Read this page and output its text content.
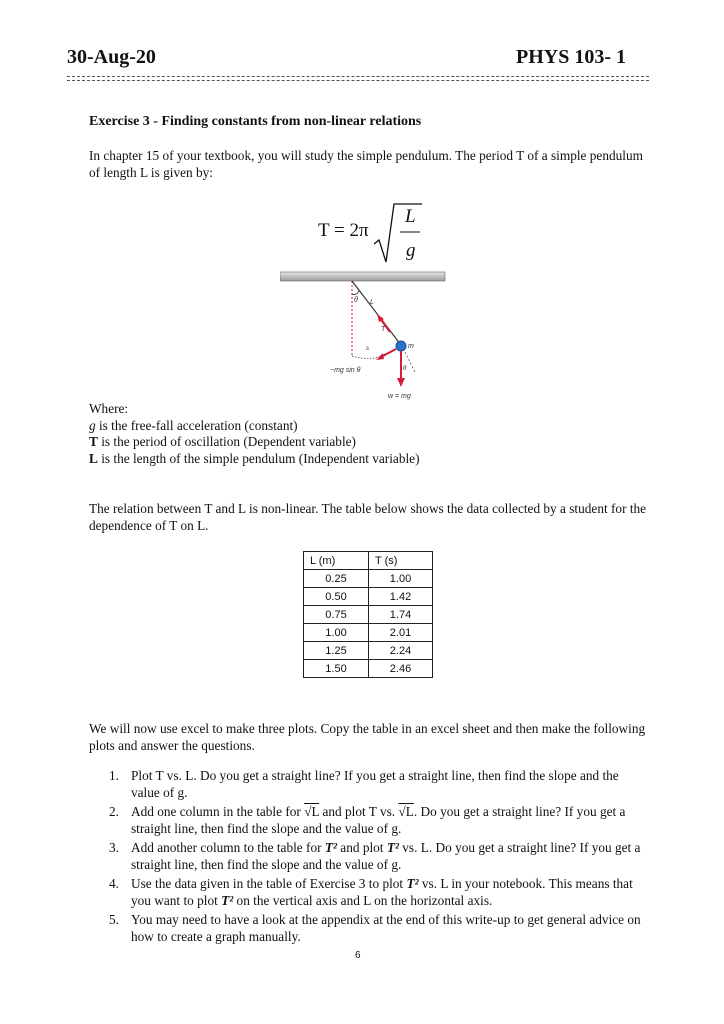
30-Aug-20	PHYS 103- 1
Exercise 3 - Finding constants from non-linear relations
In chapter 15 of your textbook, you will study the simple pendulum. The period T of a simple pendulum of length L is given by:
T = 2π
L
g
θ L
T
s	m
−mg sin θ	θ
w = mg
Where:
g is the free-fall acceleration (constant)
T is the period of oscillation (Dependent variable)
L is the length of the simple pendulum (Independent variable)
The relation between T and L is non-linear. The table below shows the data collected by a student for the dependence of T on L.
L (m)	T (s)
0.25	1.00
0.50	1.42
0.75	1.74
1.00	2.01
1.25	2.24
1.50	2.46
We will now use excel to make three plots. Copy the table in an excel sheet and then make the following plots and answer the questions.
1. Plot T vs. L. Do you get a straight line? If you get a straight line, then find the slope and the value of g.
2. Add one column in the table for √L and plot T vs. √L. Do you get a straight line? If you get a straight line, then find the slope and the value of g.
3. Add another column to the table for T² and plot T² vs. L. Do you get a straight line? If you get a straight line, then find the slope and the value of g.
4. Use the data given in the table of Exercise 3 to plot T² vs. L in your notebook. This means that you want to plot T² on the vertical axis and L on the horizontal axis.
5. You may need to have a look at the appendix at the end of this write-up to get general advice on how to create a graph manually.
6
